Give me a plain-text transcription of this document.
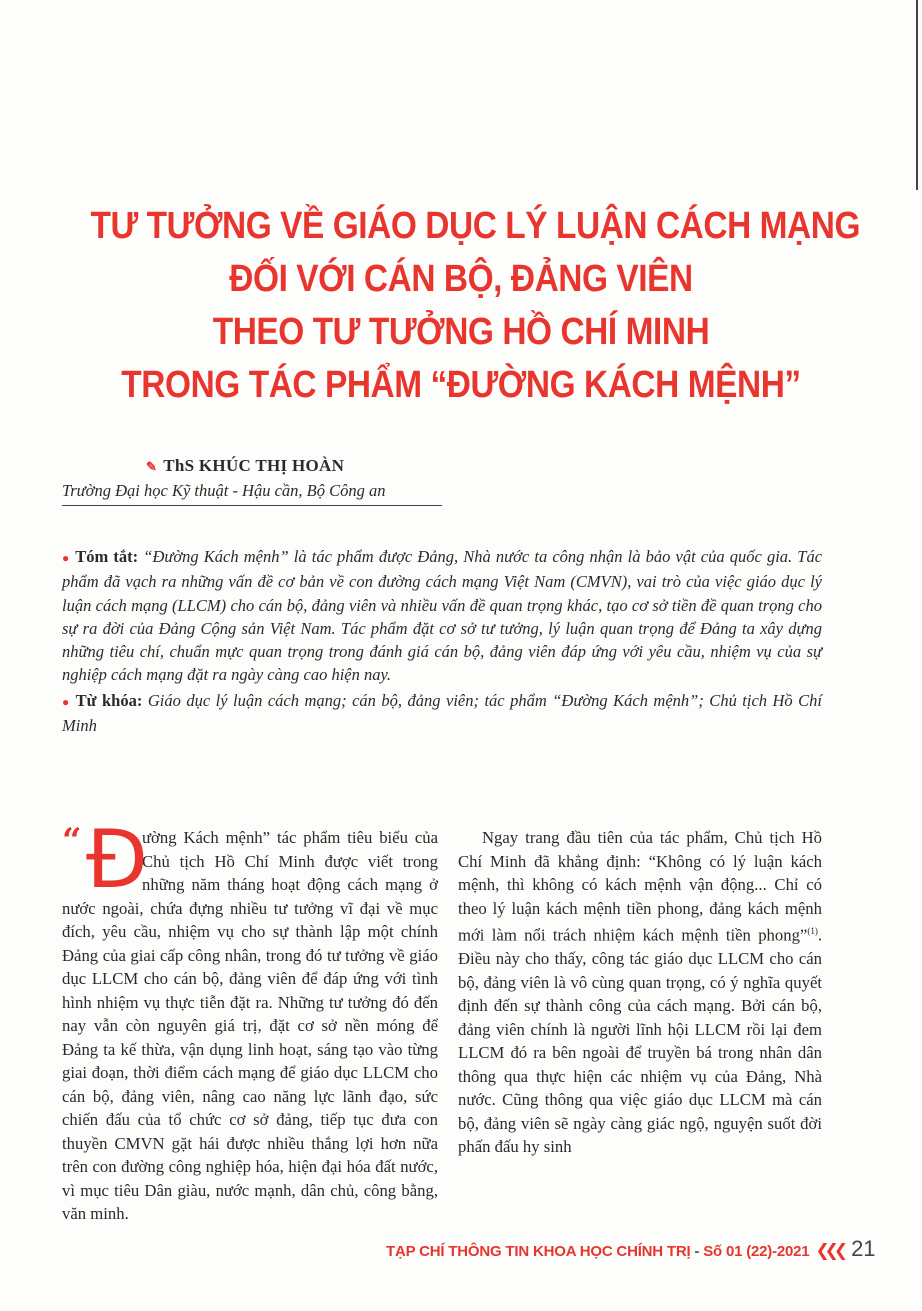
TƯ TƯỞNG VỀ GIÁO DỤC LÝ LUẬN CÁCH MẠNG
ĐỐI VỚI CÁN BỘ, ĐẢNG VIÊN
THEO TƯ TƯỞNG HỒ CHÍ MINH
TRONG TÁC PHẨM “ĐƯỜNG KÁCH MỆNH”
✎ ThS KHÚC THỊ HOÀN
Trường Đại học Kỹ thuật - Hậu cần, Bộ Công an

● Tóm tắt: “Đường Kách mệnh” là tác phẩm được Đảng, Nhà nước ta công nhận là bảo vật của quốc gia. Tác phẩm đã vạch ra những vấn đề cơ bản về con đường cách mạng Việt Nam (CMVN), vai trò của việc giáo dục lý luận cách mạng (LLCM) cho cán bộ, đảng viên và nhiều vấn đề quan trọng khác, tạo cơ sở tiền đề quan trọng cho sự ra đời của Đảng Cộng sản Việt Nam. Tác phẩm đặt cơ sở tư tưởng, lý luận quan trọng để Đảng ta xây dựng những tiêu chí, chuẩn mực quan trọng trong đánh giá cán bộ, đảng viên đáp ứng với yêu cầu, nhiệm vụ của sự nghiệp cách mạng đặt ra ngày càng cao hiện nay.

● Từ khóa: Giáo dục lý luận cách mạng; cán bộ, đảng viên; tác phẩm “Đường Kách mệnh”; Chủ tịch Hồ Chí Minh

“ Đ
ường Kách mệnh” tác phẩm tiêu biểu của Chủ tịch Hồ Chí Minh được viết trong những năm tháng hoạt động cách mạng ở nước ngoài, chứa đựng nhiều tư tưởng vĩ đại về mục đích, yêu cầu, nhiệm vụ cho sự thành lập một chính Đảng của giai cấp công nhân, trong đó tư tưởng về giáo dục LLCM cho cán bộ, đảng viên để đáp ứng với tình hình nhiệm vụ thực tiễn đặt ra. Những tư tưởng đó đến nay vẫn còn nguyên giá trị, đặt cơ sở nền móng để Đảng ta kế thừa, vận dụng linh hoạt, sáng tạo vào từng giai đoạn, thời điểm cách mạng để giáo dục LLCM cho cán bộ, đảng viên, nâng cao năng lực lãnh đạo, sức chiến đấu của tổ chức cơ sở đảng, tiếp tục đưa con thuyền CMVN gặt hái được nhiều thắng lợi hơn nữa trên con đường công nghiệp hóa, hiện đại hóa đất nước, vì mục tiêu Dân giàu, nước mạnh, dân chủ, công bằng, văn minh.

Ngay trang đầu tiên của tác phẩm, Chủ tịch Hồ Chí Minh đã khẳng định: “Không có lý luận kách mệnh, thì không có kách mệnh vận động... Chỉ có theo lý luận kách mệnh tiền phong, đảng kách mệnh mới làm nổi trách nhiệm kách mệnh tiền phong”$^{(1)}$. Điều này cho thấy, công tác giáo dục LLCM cho cán bộ, đảng viên là vô cùng quan trọng, có ý nghĩa quyết định đến sự thành công của cách mạng. Bởi cán bộ, đảng viên chính là người lĩnh hội LLCM rồi lại đem LLCM đó ra bên ngoài để truyền bá trong nhân dân thông qua thực hiện các nhiệm vụ của Đảng, Nhà nước. Cũng thông qua việc giáo dục LLCM mà cán bộ, đảng viên sẽ ngày càng giác ngộ, nguyện suốt đời phấn đấu hy sinh

TẠP CHÍ THÔNG TIN KHOA HỌC CHÍNH TRỊ - Số 01 (22)-2021 ❮❮❮ 21
